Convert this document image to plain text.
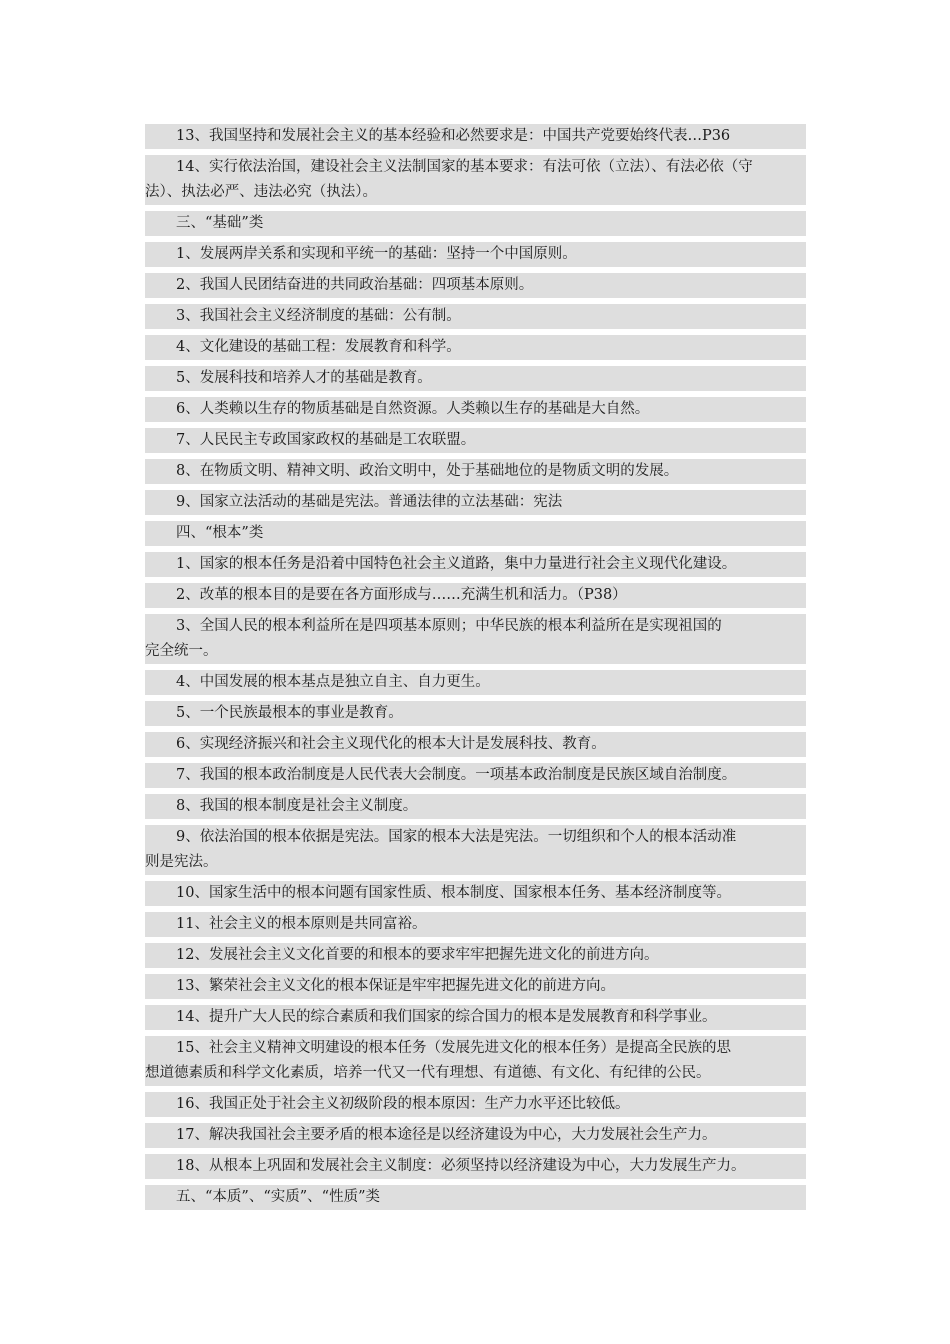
13、我国坚持和发展社会主义的基本经验和必然要求是：中国共产党要始终代表…P36
14、实行依法治国，建设社会主义法制国家的基本要求：有法可依（立法）、有法必依（守
法）、执法必严、违法必究（执法）。
三、“基础”类
1、发展两岸关系和实现和平统一的基础：坚持一个中国原则。
2、我国人民团结奋进的共同政治基础：四项基本原则。
3、我国社会主义经济制度的基础：公有制。
4、文化建设的基础工程：发展教育和科学。
5、发展科技和培养人才的基础是教育。
6、人类赖以生存的物质基础是自然资源。人类赖以生存的基础是大自然。
7、人民民主专政国家政权的基础是工农联盟。
8、在物质文明、精神文明、政治文明中，处于基础地位的是物质文明的发展。
9、国家立法活动的基础是宪法。普通法律的立法基础：宪法
四、“根本”类
1、国家的根本任务是沿着中国特色社会主义道路，集中力量进行社会主义现代化建设。
2、改革的根本目的是要在各方面形成与……充满生机和活力。（P38）
3、全国人民的根本利益所在是四项基本原则；中华民族的根本利益所在是实现祖国的
完全统一。
4、中国发展的根本基点是独立自主、自力更生。
5、一个民族最根本的事业是教育。
6、实现经济振兴和社会主义现代化的根本大计是发展科技、教育。
7、我国的根本政治制度是人民代表大会制度。一项基本政治制度是民族区域自治制度。
8、我国的根本制度是社会主义制度。
9、依法治国的根本依据是宪法。国家的根本大法是宪法。一切组织和个人的根本活动准
则是宪法。
10、国家生活中的根本问题有国家性质、根本制度、国家根本任务、基本经济制度等。
11、社会主义的根本原则是共同富裕。
12、发展社会主义文化首要的和根本的要求牢牢把握先进文化的前进方向。
13、繁荣社会主义文化的根本保证是牢牢把握先进文化的前进方向。
14、提升广大人民的综合素质和我们国家的综合国力的根本是发展教育和科学事业。
15、社会主义精神文明建设的根本任务（发展先进文化的根本任务）是提高全民族的思
想道德素质和科学文化素质，培养一代又一代有理想、有道德、有文化、有纪律的公民。
16、我国正处于社会主义初级阶段的根本原因：生产力水平还比较低。
17、解决我国社会主要矛盾的根本途径是以经济建设为中心，大力发展社会生产力。
18、从根本上巩固和发展社会主义制度：必须坚持以经济建设为中心，大力发展生产力。
五、“本质”、“实质”、“性质”类
